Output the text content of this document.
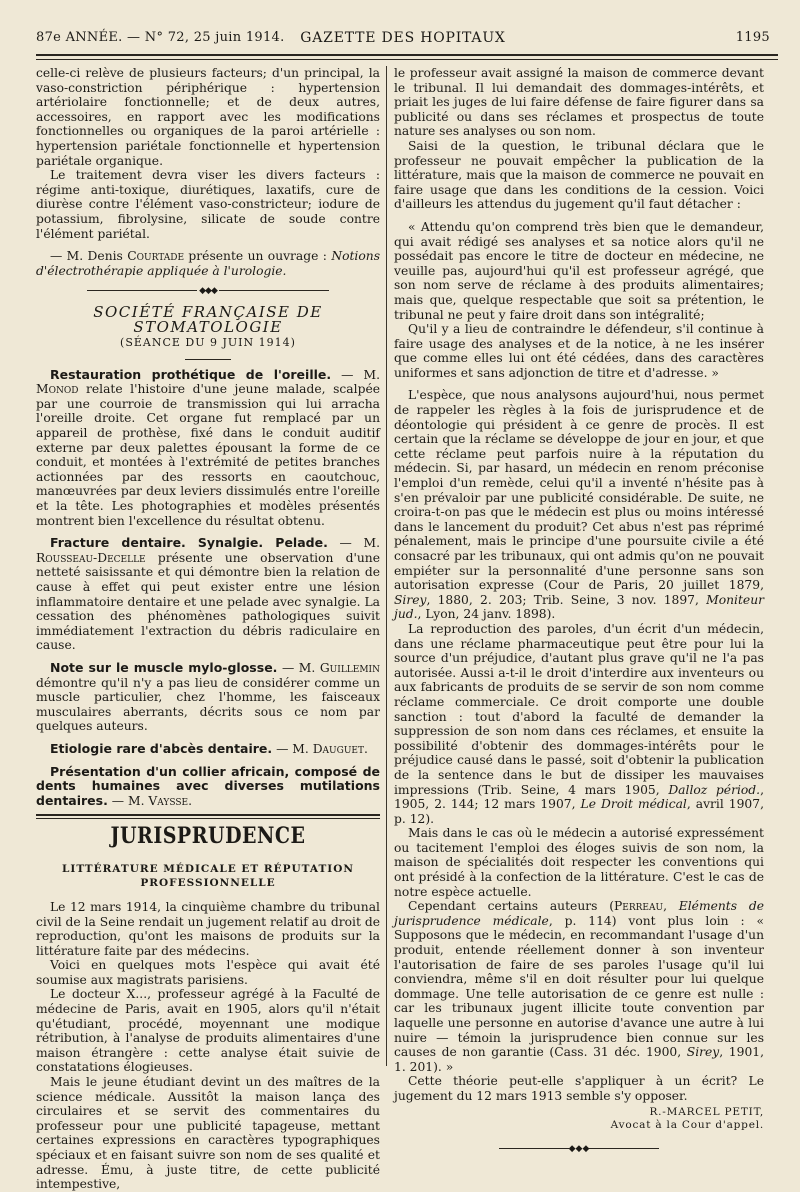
87e ANNÉE. — N° 72, 25 juin 1914.	GAZETTE DES HOPITAUX	1195

celle-ci relève de plusieurs facteurs; d'un principal, la vaso-constriction périphérique : hypertension artériolaire fonctionnelle; et de deux autres, accessoires, en rapport avec les modifications fonctionnelles ou organiques de la paroi artérielle : hypertension pariétale fonctionnelle et hypertension pariétale organique.

Le traitement devra viser les divers facteurs : régime anti-toxique, diurétiques, laxatifs, cure de diurèse contre l'élément vaso-constricteur; iodure de potassium, fibrolysine, silicate de soude contre l'élément pariétal.

— M. Denis Courtade présente un ouvrage : Notions d'électrothérapie appliquée à l'urologie.

◆◆◆
SOCIÉTÉ FRANÇAISE DE STOMATOLOGIE
(SÉANCE DU 9 JUIN 1914)

Restauration prothétique de l'oreille. — M. Monod relate l'histoire d'une jeune malade, scalpée par une courroie de transmission qui lui arracha l'oreille droite. Cet organe fut remplacé par un appareil de prothèse, fixé dans le conduit auditif externe par deux palettes épousant la forme de ce conduit, et montées à l'extrémité de petites branches actionnées par des ressorts en caoutchouc, manœuvrées par deux leviers dissimulés entre l'oreille et la tête. Les photographies et modèles présentés montrent bien l'excellence du résultat obtenu.

Fracture dentaire. Synalgie. Pelade. — M. Rousseau-Decelle présente une observation d'une netteté saisissante et qui démontre bien la relation de cause à effet qui peut exister entre une lésion inflammatoire dentaire et une pelade avec synalgie. La cessation des phénomènes pathologiques suivit immédiatement l'extraction du débris radiculaire en cause.

Note sur le muscle mylo-glosse. — M. Guillemin démontre qu'il n'y a pas lieu de considérer comme un muscle particulier, chez l'homme, les faisceaux musculaires aberrants, décrits sous ce nom par quelques auteurs.

Etiologie rare d'abcès dentaire. — M. Dauguet.

Présentation d'un collier africain, composé de dents humaines avec diverses mutilations dentaires. — M. Vaysse.

JURISPRUDENCE
LITTÉRATURE MÉDICALE ET RÉPUTATION
PROFESSIONNELLE

Le 12 mars 1914, la cinquième chambre du tribunal civil de la Seine rendait un jugement relatif au droit de reproduction, qu'ont les maisons de produits sur la littérature faite par des médecins.

Voici en quelques mots l'espèce qui avait été soumise aux magistrats parisiens.

Le docteur X..., professeur agrégé à la Faculté de médecine de Paris, avait en 1905, alors qu'il n'était qu'étudiant, procédé, moyennant une modique rétribution, à l'analyse de produits alimentaires d'une maison étrangère : cette analyse était suivie de constatations élogieuses.

Mais le jeune étudiant devint un des maîtres de la science médicale. Aussitôt la maison lança des circulaires et se servit des commentaires du professeur pour une publicité tapageuse, mettant certaines expressions en caractères typographiques spéciaux et en faisant suivre son nom de ses qualité et adresse. Ému, à juste titre, de cette publicité intempestive,

le professeur avait assigné la maison de commerce devant le tribunal. Il lui demandait des dommages-intérêts, et priait les juges de lui faire défense de faire figurer dans sa publicité ou dans ses réclames et prospectus de toute nature ses analyses ou son nom.

Saisi de la question, le tribunal déclara que le professeur ne pouvait empêcher la publication de la littérature, mais que la maison de commerce ne pouvait en faire usage que dans les conditions de la cession. Voici d'ailleurs les attendus du jugement qu'il faut détacher :

« Attendu qu'on comprend très bien que le demandeur, qui avait rédigé ses analyses et sa notice alors qu'il ne possédait pas encore le titre de docteur en médecine, ne veuille pas, aujourd'hui qu'il est professeur agrégé, que son nom serve de réclame à des produits alimentaires; mais que, quelque respectable que soit sa prétention, le tribunal ne peut y faire droit dans son intégralité;

Qu'il y a lieu de contraindre le défendeur, s'il continue à faire usage des analyses et de la notice, à ne les insérer que comme elles lui ont été cédées, dans des caractères uniformes et sans adjonction de titre et d'adresse. »

L'espèce, que nous analysons aujourd'hui, nous permet de rappeler les règles à la fois de jurisprudence et de déontologie qui président à ce genre de procès. Il est certain que la réclame se développe de jour en jour, et que cette réclame peut parfois nuire à la réputation du médecin. Si, par hasard, un médecin en renom préconise l'emploi d'un remède, celui qu'il a inventé n'hésite pas à s'en prévaloir par une publicité considérable. De suite, ne croira-t-on pas que le médecin est plus ou moins intéressé dans le lancement du produit? Cet abus n'est pas réprimé pénalement, mais le principe d'une poursuite civile a été consacré par les tribunaux, qui ont admis qu'on ne pouvait empiéter sur la personnalité d'une personne sans son autorisation expresse (Cour de Paris, 20 juillet 1879, Sirey, 1880, 2. 203; Trib. Seine, 3 nov. 1897, Moniteur jud., Lyon, 24 janv. 1898).

La reproduction des paroles, d'un écrit d'un médecin, dans une réclame pharmaceutique peut être pour lui la source d'un préjudice, d'autant plus grave qu'il ne l'a pas autorisée. Aussi a-t-il le droit d'interdire aux inventeurs ou aux fabricants de produits de se servir de son nom comme réclame commerciale. Ce droit comporte une double sanction : tout d'abord la faculté de demander la suppression de son nom dans ces réclames, et ensuite la possibilité d'obtenir des dommages-intérêts pour le préjudice causé dans le passé, soit d'obtenir la publication de la sentence dans le but de dissiper les mauvaises impressions (Trib. Seine, 4 mars 1905, Dalloz périod., 1905, 2. 144; 12 mars 1907, Le Droit médical, avril 1907, p. 12).

Mais dans le cas où le médecin a autorisé expressément ou tacitement l'emploi des éloges suivis de son nom, la maison de spécialités doit respecter les conventions qui ont présidé à la confection de la littérature. C'est le cas de notre espèce actuelle.

Cependant certains auteurs (Perreau, Eléments de jurisprudence médicale, p. 114) vont plus loin : « Supposons que le médecin, en recommandant l'usage d'un produit, entende réellement donner à son inventeur l'autorisation de faire de ses paroles l'usage qu'il lui conviendra, même s'il en doit résulter pour lui quelque dommage. Une telle autorisation de ce genre est nulle : car les tribunaux jugent illicite toute convention par laquelle une personne en autorise d'avance une autre à lui nuire — témoin la jurisprudence bien connue sur les causes de non garantie (Cass. 31 déc. 1900, Sirey, 1901, 1. 201). »

Cette théorie peut-elle s'appliquer à un écrit? Le jugement du 12 mars 1913 semble s'y opposer.

R.-MARCEL PETIT,
Avocat à la Cour d'appel.
◆◆◆
